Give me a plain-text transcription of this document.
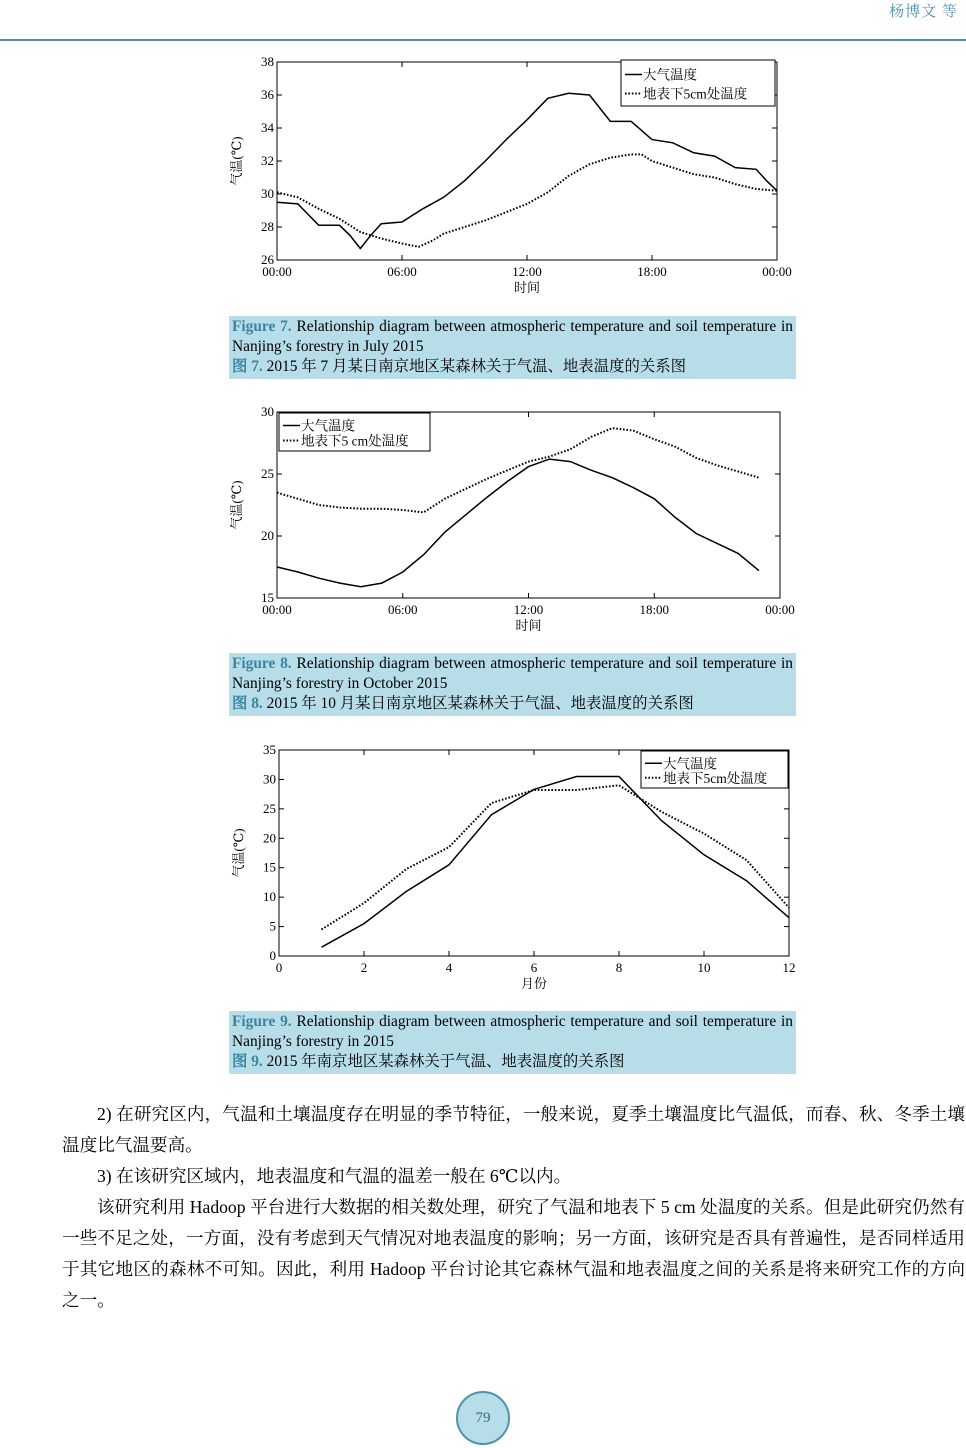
杨博文 等
26
28
30
32
34
36
38
00:00	06:00	12:00	18:00	00:00
时间
气温(℃)
大气温度
地表下5cm处温度
Figure 7. Relationship diagram between atmospheric temperature and soil temperature in Nanjing’s forestry in July 2015
图 7. 2015 年 7 月某日南京地区某森林关于气温、地表温度的关系图
15
20
25
30
00:00	06:00	12:00	18:00	00:00
时间
气温(℃)
大气温度
地表下5 cm处温度
Figure 8. Relationship diagram between atmospheric temperature and soil temperature in Nanjing’s forestry in October 2015
图 8. 2015 年 10 月某日南京地区某森林关于气温、地表温度的关系图
0
5
10
15
20
25
30
35
0	2	4	6	8	10	12
月份
气温(℃)
大气温度
地表下5cm处温度
Figure 9. Relationship diagram between atmospheric temperature and soil temperature in Nanjing’s forestry in 2015
图 9. 2015 年南京地区某森林关于气温、地表温度的关系图

2) 在研究区内，气温和土壤温度存在明显的季节特征，一般来说，夏季土壤温度比气温低，而春、秋、冬季土壤温度比气温要高。

3) 在该研究区域内，地表温度和气温的温差一般在 6℃以内。

该研究利用 Hadoop 平台进行大数据的相关数处理，研究了气温和地表下 5 cm 处温度的关系。但是此研究仍然有一些不足之处，一方面，没有考虑到天气情况对地表温度的影响；另一方面，该研究是否具有普遍性，是否同样适用于其它地区的森林不可知。因此，利用 Hadoop 平台讨论其它森林气温和地表温度之间的关系是将来研究工作的方向之一。

79
